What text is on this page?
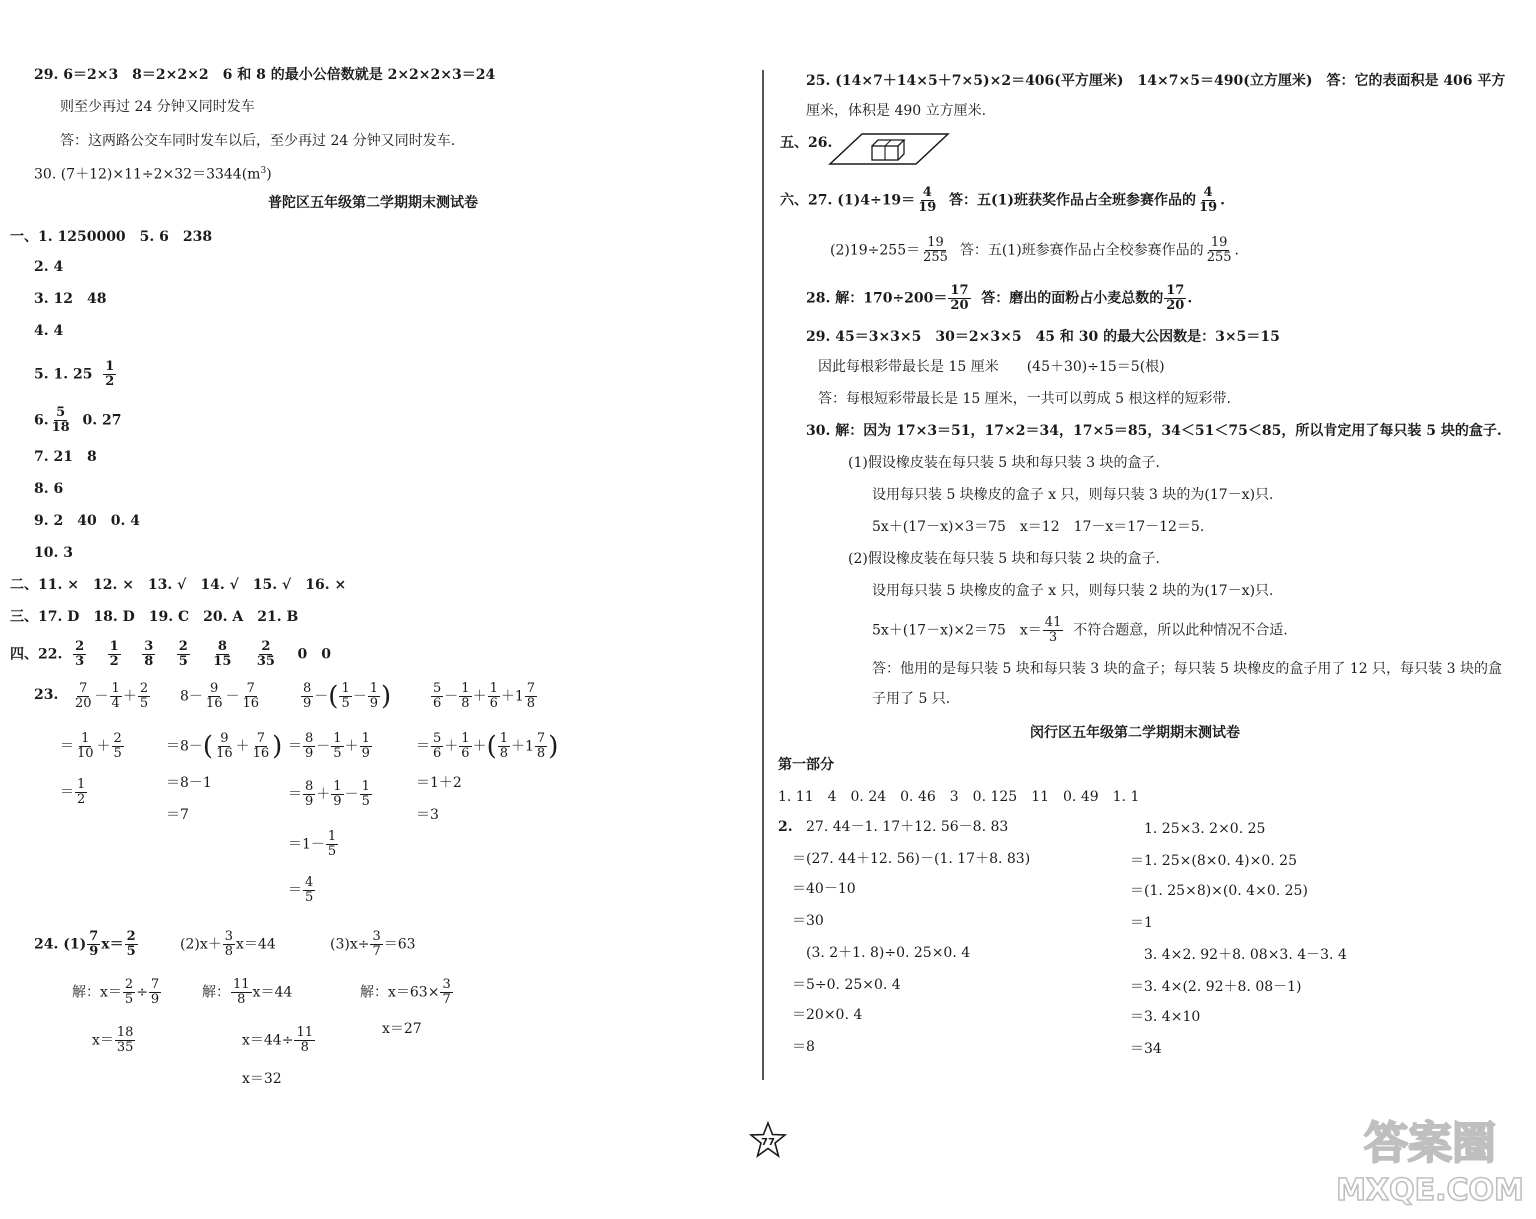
29. 6＝2×3　8＝2×2×2　6 和 8 的最小公倍数就是 2×2×2×3＝24
则至少再过 24 分钟又同时发车
答：这两路公交车同时发车以后，至少再过 24 分钟又同时发车.
30. $(7+12)\times 11\div 2\times 32=3344(m^3)$
普陀区五年级第二学期期末测试卷
一、1. 1250000　5. 6　238
2. 4
3. 12　48
4. 4
5. 1. $25 \frac{1}{2}$
6. $\frac{5}{18} 0$. 27
7. 21　8
8. 6
9. 2　40　0. 4
10. 3
二、11. ×　12. ×　13. √　14. √　15. √　16. ×
三、17. D　18. D　19. C　20. A　21. B
四、22. $\frac{2}{3}$
$\frac{1}{2}$
$\frac{3}{8}$
$\frac{2}{5}$
$\frac{8}{15}$
$\frac{2}{35} 0$　0
23. $\frac{7}{20} - \frac{1}{4} + \frac{2}{5}$
＝ $\frac{1}{10} + \frac{2}{5}$
＝ $\frac{1}{2}$
$8- \frac{9}{16} - \frac{7}{16}$
$=8-( \frac{9}{16} + \frac{7}{16}$ )
＝8－1
＝7
$\frac{8}{9}$ －( $\frac{1}{5} - \frac{1}{9}$ )
＝ $\frac{8}{9} - \frac{1}{5} + \frac{1}{9}$
＝ $\frac{8}{9} + \frac{1}{9} - \frac{1}{5}$
$=1- \frac{1}{5}$
＝ $\frac{4}{5}$
$\frac{5}{6} - \frac{1}{8} + \frac{1}{6} +1 \frac{7}{8}$
＝ $\frac{5}{6} + \frac{1}{6}$ ＋( $\frac{1}{8} +1 \frac{7}{8}$ )
＝1＋2
＝3
24. $(1) \frac{7}{9} x= \frac{2}{5}$
解：$x= \frac{2}{5} \div \frac{7}{9}$
$x= \frac{18}{35}$
$(2)x+ \frac{3}{8} x=44$
解： $\frac{11}{8} x=44$
$x=44\div \frac{11}{8}$
x＝32
$(3)x\div \frac{3}{7} =63$
解：$x=63\times \frac{3}{7}$
x＝27
25. (14×7＋14×5＋7×5)×2＝406(平方厘米)　14×7×5＝490(立方厘米)　答：它的表面积是 406 平方
厘米，体积是 490 立方厘米.
五、26.
六、27. $(1)4\div 19= \frac{4}{19}$ 答：五(1)班获奖作品占全班参赛作品的 $\frac{4}{19}$ .
$(2)19\div 255= \frac{19}{255}$ 答：五(1)班参赛作品占全校参赛作品的 $\frac{19}{255}$ .
28. 解：$170\div 200= \frac{17}{20}$ 答：磨出的面粉占小麦总数的 $\frac{17}{20}$ .
29. 45＝3×3×5　30＝2×3×5　45 和 30 的最大公因数是：3×5＝15
因此每根彩带最长是 15 厘米　　(45＋30)÷15＝5(根)
答：每根短彩带最长是 15 厘米，一共可以剪成 5 根这样的短彩带.
30. 解：因为 17×3＝51，17×2＝34，17×5＝85，34＜51＜75＜85，所以肯定用了每只装 5 块的盒子.
(1)假设橡皮装在每只装 5 块和每只装 3 块的盒子.
设用每只装 5 块橡皮的盒子 x 只，则每只装 3 块的为(17－x)只.
5x＋(17－x)×3＝75　x＝12　17－x＝17－12＝5.
(2)假设橡皮装在每只装 5 块和每只装 2 块的盒子.
设用每只装 5 块橡皮的盒子 x 只，则每只装 2 块的为(17－x)只.
5x＋(17－x)×2＝75　$x= \frac{41}{3}$ 不符合题意，所以此种情况不合适.
答：他用的是每只装 5 块和每只装 3 块的盒子；每只装 5 块橡皮的盒子用了 12 只，每只装 3 块的盒
子用了 5 只.
闵行区五年级第二学期期末测试卷
第一部分
1. 11　4　0. 24　0. 46　3　0. 125　11　0. 49　1. 1
2. 27. 44－1. 17＋12. 56－8. 83
＝(27. 44＋12. 56)－(1. 17＋8. 83)
＝40－10
＝30
1. 25×3. 2×0. 25
＝1. 25×(8×0. 4)×0. 25
＝(1. 25×8)×(0. 4×0. 25)
＝1
(3. 2＋1. 8)÷0. 25×0. 4
＝5÷0. 25×0. 4
＝20×0. 4
＝8
3. 4×2. 92＋8. 08×3. 4－3. 4
＝3. 4×(2. 92＋8. 08－1)
＝3. 4×10
＝34
77	答案圈
MXQE.COM
